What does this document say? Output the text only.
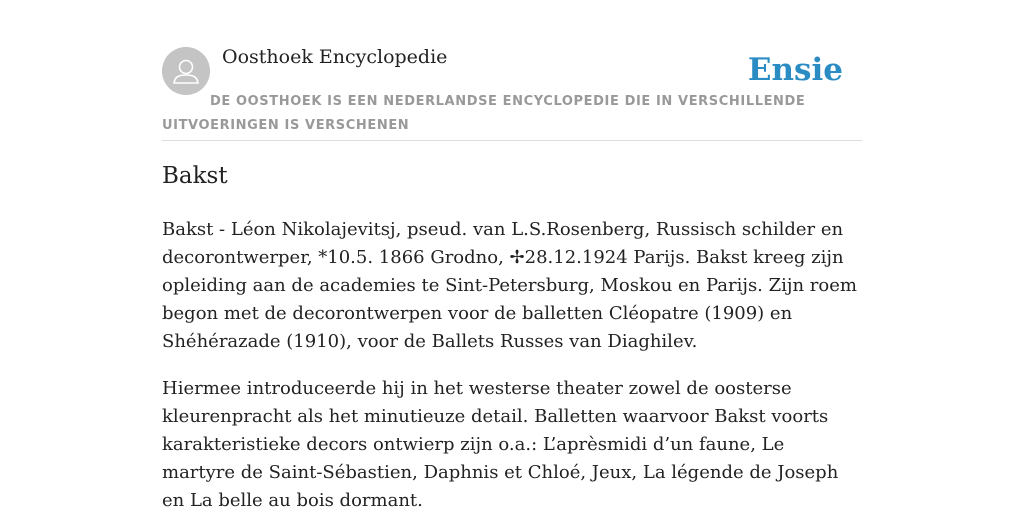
Oosthoek Encyclopedie	Ensie
DE OOSTHOEK IS EEN NEDERLANDSE ENCYCLOPEDIE DIE IN VERSCHILLENDE UITVOERINGEN IS VERSCHENEN
Bakst

Bakst - Léon Nikolajevitsj, pseud. van L.S.Rosenberg, Russisch schilder en decorontwerper, *10.5. 1866 Grodno, ✢28.12.1924 Parijs. Bakst kreeg zijn opleiding aan de academies te Sint-Petersburg, Moskou en Parijs. Zijn roem begon met de decorontwerpen voor de balletten Cléopatre (1909) en Shéhérazade (1910), voor de Ballets Russes van Diaghilev.

Hiermee introduceerde hij in het westerse theater zowel de oosterse kleurenpracht als het minutieuze detail. Balletten waarvoor Bakst voorts karakteristieke decors ontwierp zijn o.a.: L’aprèsmidi d’un faune, Le martyre de Saint-Sébastien, Daphnis et Chloé, Jeux, La légende de Joseph en La belle au bois dormant.
